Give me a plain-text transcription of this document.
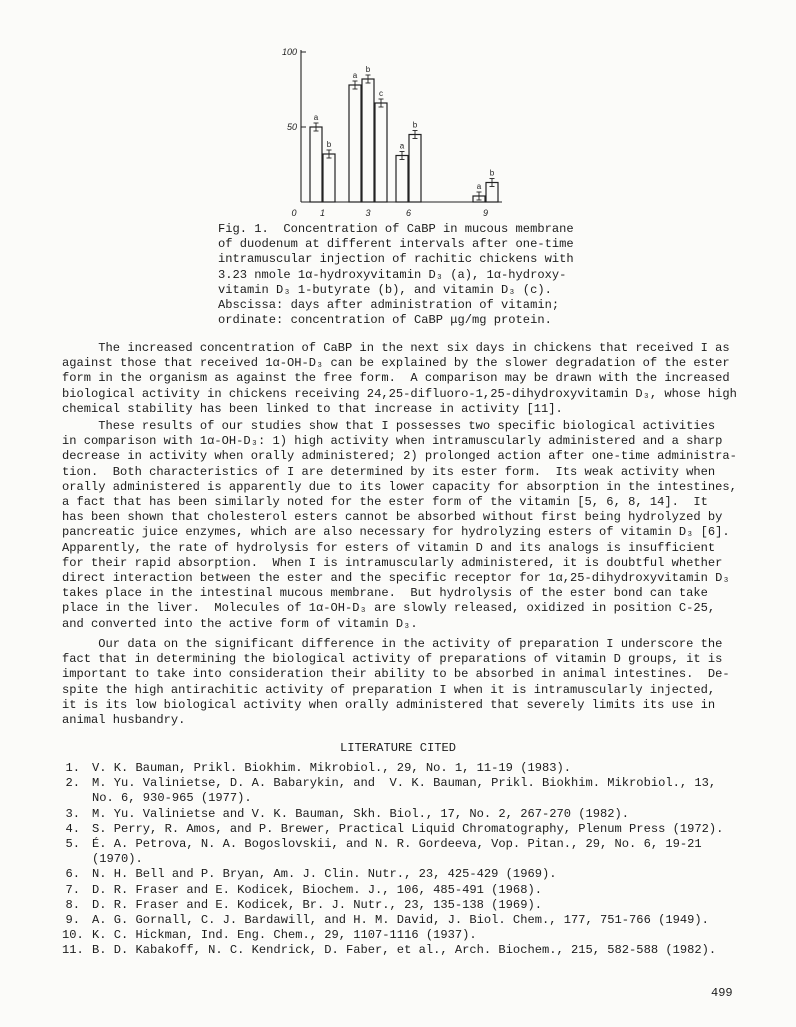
100
50
0	1
a
b
3
a
b
c
6
a
b
9
a
b

Fig. 1.  Concentration of CaBP in mucous membrane

of duodenum at different intervals after one-time

intramuscular injection of rachitic chickens with

3.23 nmole 1α-hydroxyvitamin D₃ (a), 1α-hydroxy-

vitamin D₃ 1-butyrate (b), and vitamin D₃ (c).

Abscissa: days after administration of vitamin;

ordinate: concentration of CaBP μg/mg protein.

The increased concentration of CaBP in the next six days in chickens that received I as

against those that received 1α-OH-D₃ can be explained by the slower degradation of the ester

form in the organism as against the free form.  A comparison may be drawn with the increased

biological activity in chickens receiving 24,25-difluoro-1,25-dihydroxyvitamin D₃, whose high

chemical stability has been linked to that increase in activity [11].

These results of our studies show that I possesses two specific biological activities

in comparison with 1α-OH-D₃: 1) high activity when intramuscularly administered and a sharp

decrease in activity when orally administered; 2) prolonged action after one-time administra-

tion.  Both characteristics of I are determined by its ester form.  Its weak activity when

orally administered is apparently due to its lower capacity for absorption in the intestines,

a fact that has been similarly noted for the ester form of the vitamin [5, 6, 8, 14].  It

has been shown that cholesterol esters cannot be absorbed without first being hydrolyzed by

pancreatic juice enzymes, which are also necessary for hydrolyzing esters of vitamin D₃ [6].

Apparently, the rate of hydrolysis for esters of vitamin D and its analogs is insufficient

for their rapid absorption.  When I is intramuscularly administered, it is doubtful whether

direct interaction between the ester and the specific receptor for 1α,25-dihydroxyvitamin D₃

takes place in the intestinal mucous membrane.  But hydrolysis of the ester bond can take

place in the liver.  Molecules of 1α-OH-D₃ are slowly released, oxidized in position C-25,

and converted into the active form of vitamin D₃.

Our data on the significant difference in the activity of preparation I underscore the

fact that in determining the biological activity of preparations of vitamin D groups, it is

important to take into consideration their ability to be absorbed in animal intestines.  De-

spite the high antirachitic activity of preparation I when it is intramuscularly injected,

it is its low biological activity when orally administered that severely limits its use in

animal husbandry.

LITERATURE CITED
1. V. K. Bauman, Prikl. Biokhim. Mikrobiol., 29, No. 1, 11-19 (1983).
2. M. Yu. Valinietse, D. A. Babarykin, and  V. K. Bauman, Prikl. Biokhim. Mikrobiol., 13,
No. 6, 930-965 (1977).
3. M. Yu. Valinietse and V. K. Bauman, Skh. Biol., 17, No. 2, 267-270 (1982).
4. S. Perry, R. Amos, and P. Brewer, Practical Liquid Chromatography, Plenum Press (1972).
5. É. A. Petrova, N. A. Bogoslovskii, and N. R. Gordeeva, Vop. Pitan., 29, No. 6, 19-21
(1970).
6. N. H. Bell and P. Bryan, Am. J. Clin. Nutr., 23, 425-429 (1969).
7. D. R. Fraser and E. Kodicek, Biochem. J., 106, 485-491 (1968).
8. D. R. Fraser and E. Kodicek, Br. J. Nutr., 23, 135-138 (1969).
9. A. G. Gornall, C. J. Bardawill, and H. M. David, J. Biol. Chem., 177, 751-766 (1949).
10. K. C. Hickman, Ind. Eng. Chem., 29, 1107-1116 (1937).
11. B. D. Kabakoff, N. C. Kendrick, D. Faber, et al., Arch. Biochem., 215, 582-588 (1982).
499
